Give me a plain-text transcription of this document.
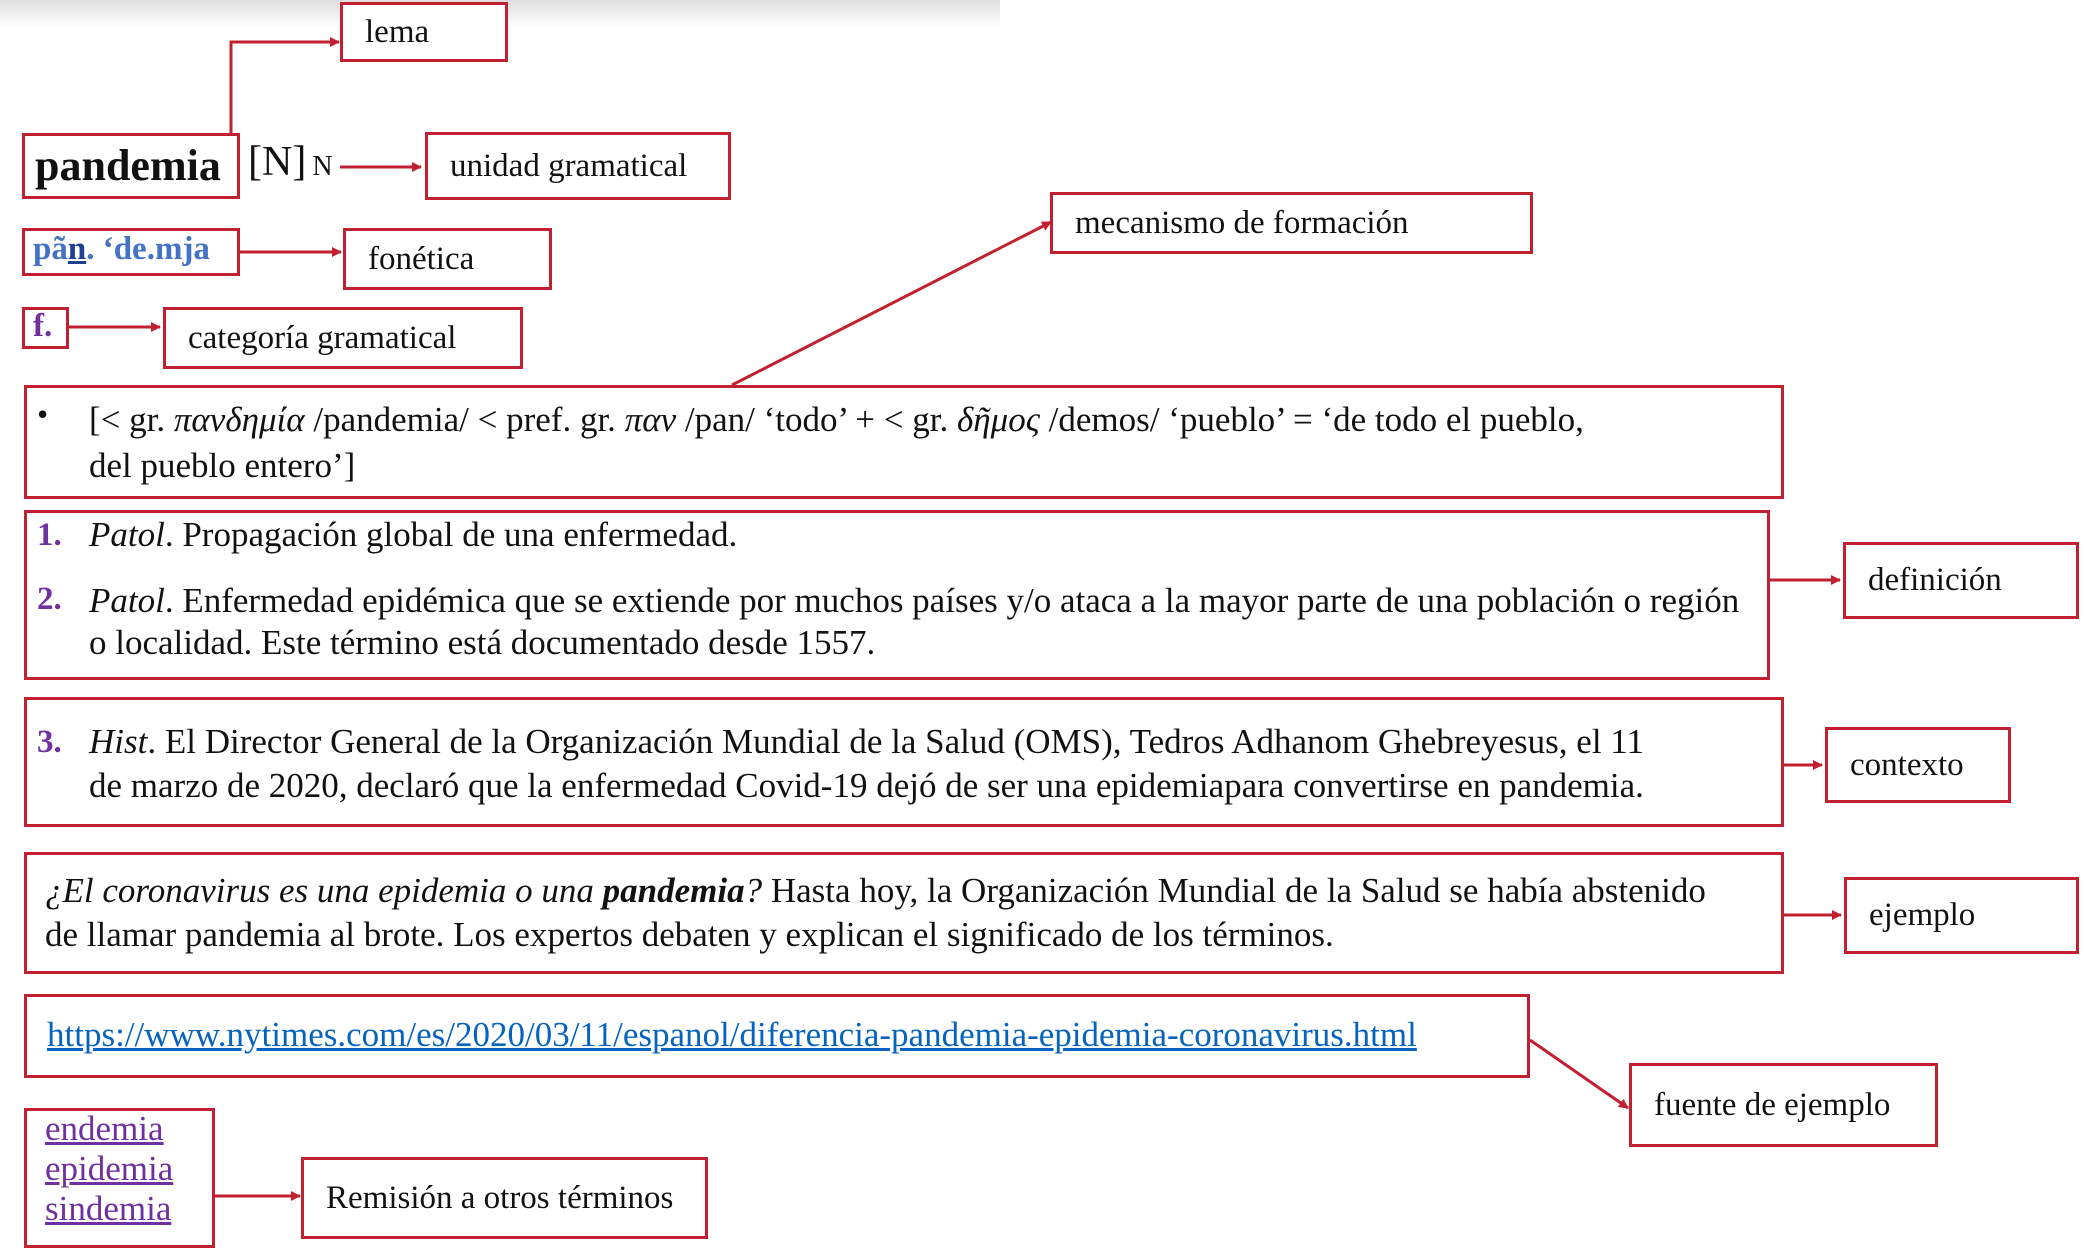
lema
unidad gramatical
fonética
categoría gramatical
mecanismo de formación
definición
contexto
ejemplo
fuente de ejemplo
Remisión a otros términos
pandemia [N] N
pãn. ‘de.mja
f.
• [< gr. πανδημία /pandemia/ < pref. gr. παν /pan/ ‘todo’ + < gr. δῆμος /demos/ ‘pueblo’ = ‘de todo el pueblo,
del pueblo entero’]
1. Patol. Propagación global de una enfermedad.
2. Patol. Enfermedad epidémica que se extiende por muchos países y/o ataca a la mayor parte de una población o región
o localidad. Este término está documentado desde 1557.
3. Hist. El Director General de la Organización Mundial de la Salud (OMS), Tedros Adhanom Ghebreyesus, el 11
de marzo de 2020, declaró que la enfermedad Covid-19 dejó de ser una epidemiapara convertirse en pandemia.
¿El coronavirus es una epidemia o una pandemia? Hasta hoy, la Organización Mundial de la Salud se había abstenido
de llamar pandemia al brote. Los expertos debaten y explican el significado de los términos.
https://www.nytimes.com/es/2020/03/11/espanol/diferencia-pandemia-epidemia-coronavirus.html
endemia
epidemia
sindemia
